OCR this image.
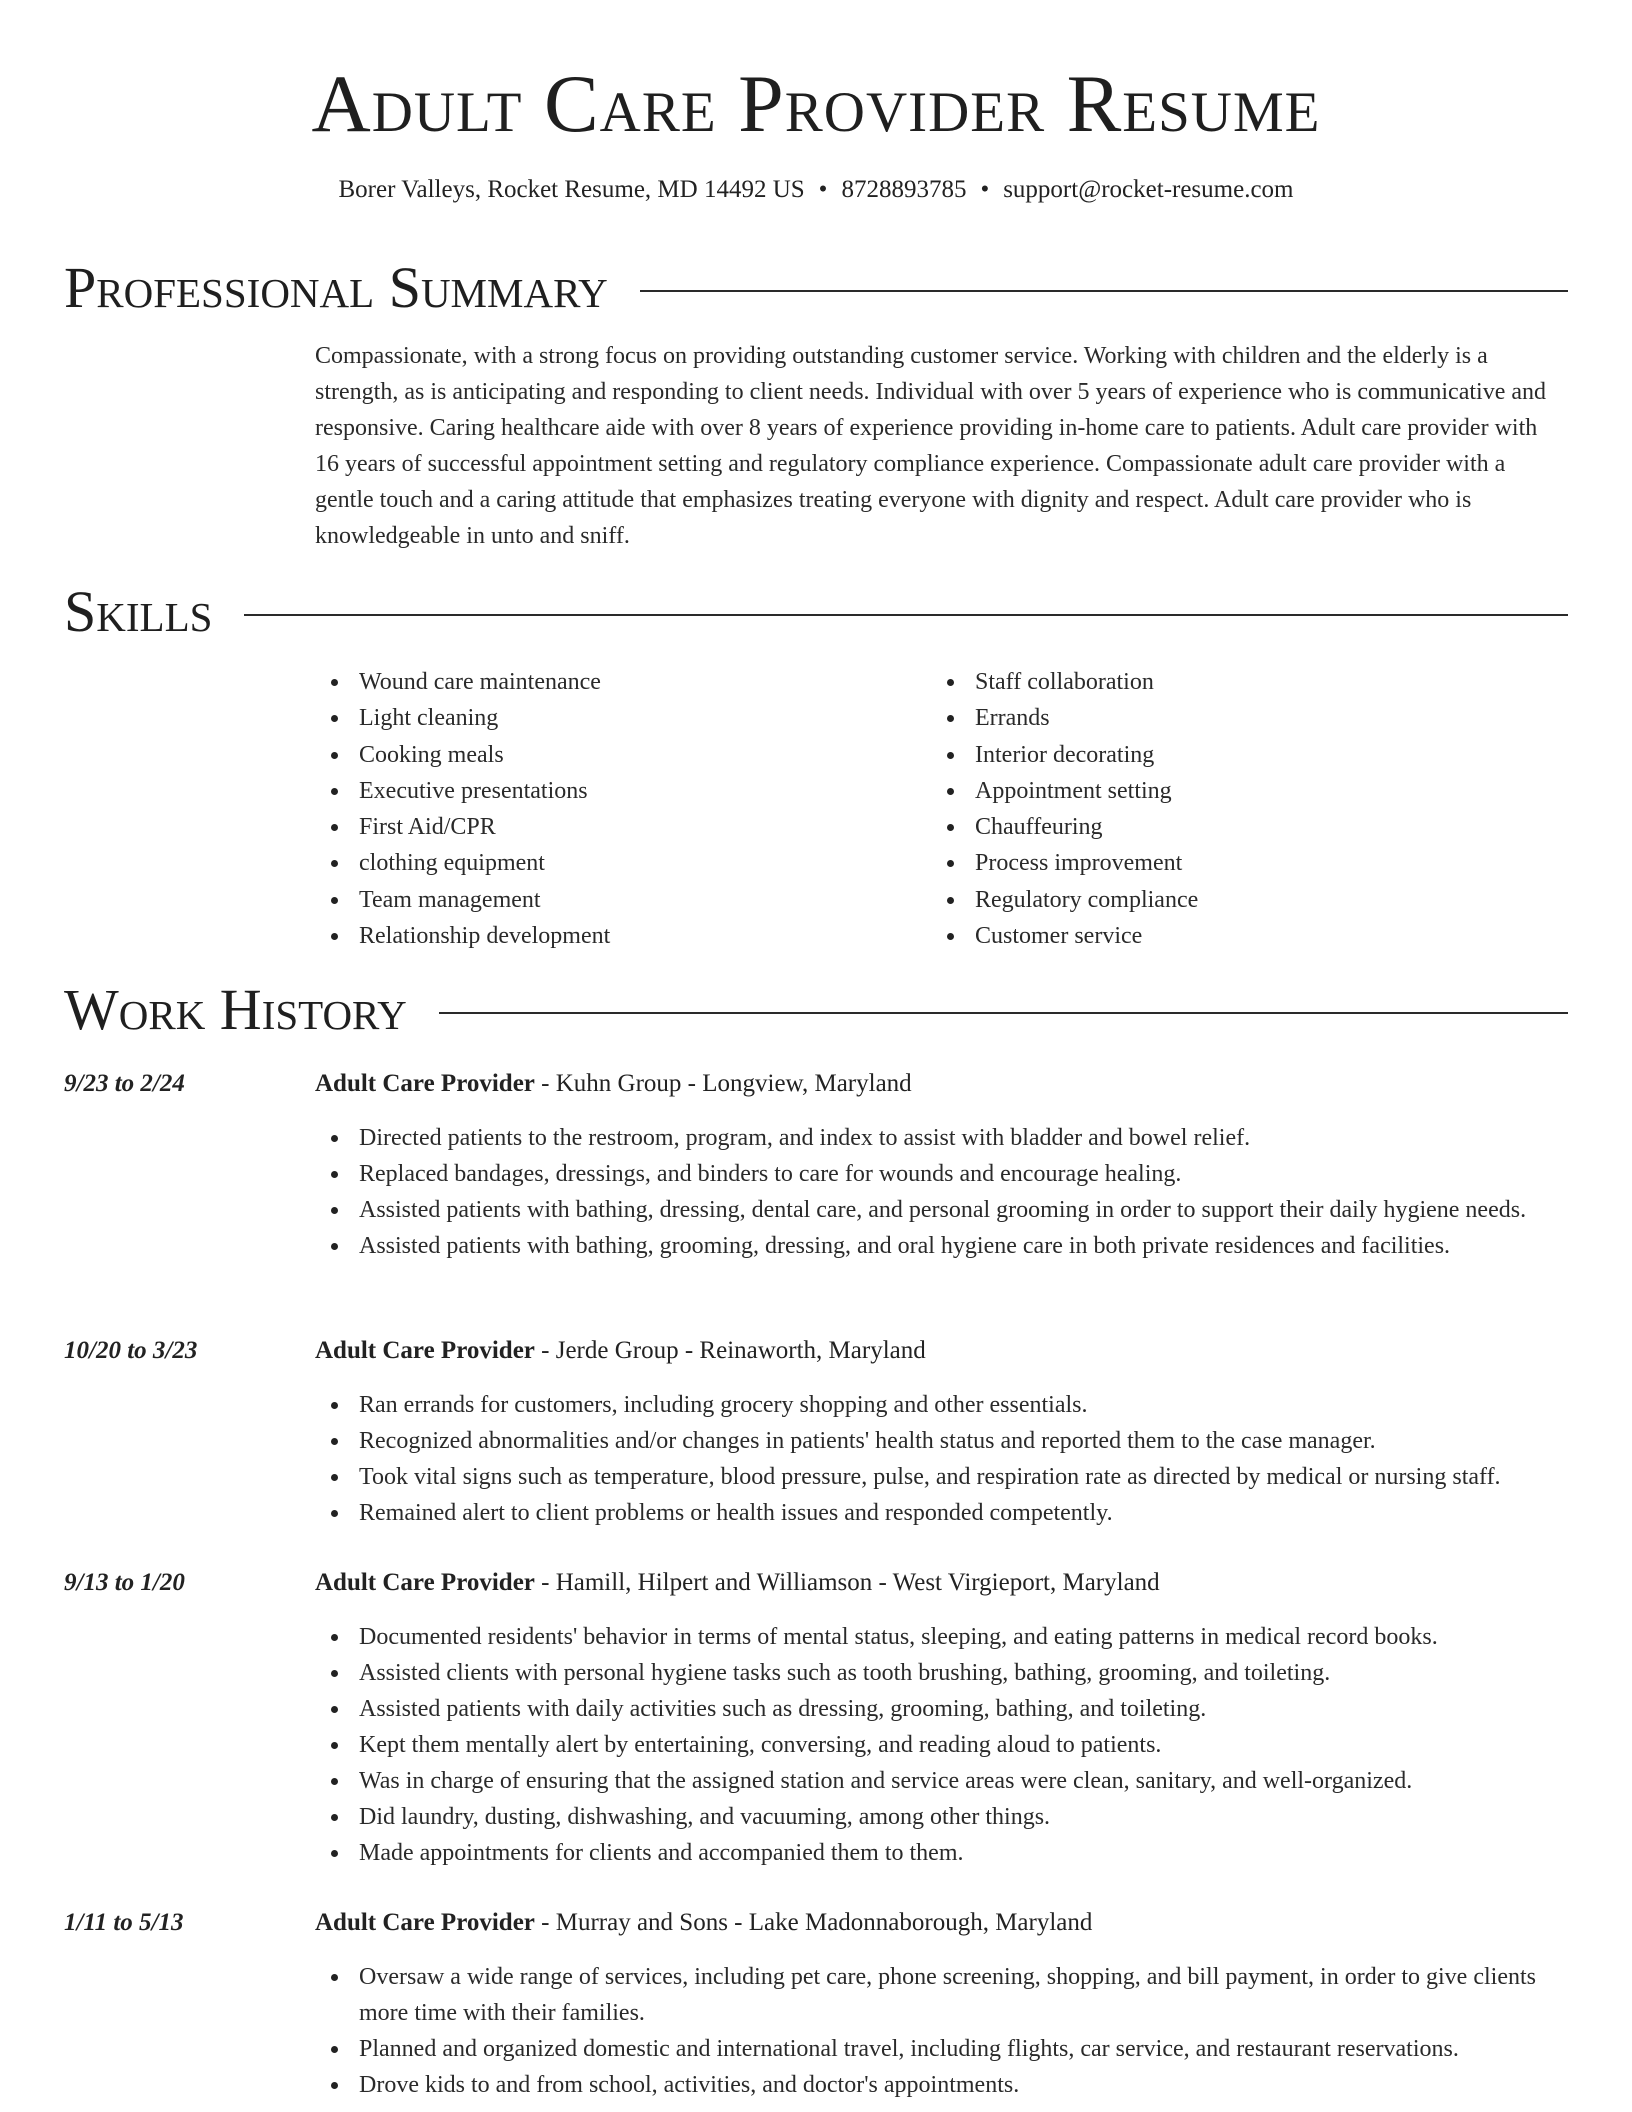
Adult Care Provider Resume
Borer Valleys, Rocket Resume, MD 14492 US • 8728893785 • support@rocket-resume.com
Professional Summary

Compassionate, with a strong focus on providing outstanding customer service. Working with children and the elderly is a strength, as is anticipating and responding to client needs. Individual with over 5 years of experience who is communicative and responsive. Caring healthcare aide with over 8 years of experience providing in-home care to patients. Adult care provider with 16 years of successful appointment setting and regulatory compliance experience. Compassionate adult care provider with a gentle touch and a caring attitude that emphasizes treating everyone with dignity and respect. Adult care provider who is knowledgeable in unto and sniff.

Skills
Wound care maintenance
Light cleaning
Cooking meals
Executive presentations
First Aid/CPR
clothing equipment
Team management
Relationship development
Staff collaboration
Errands
Interior decorating
Appointment setting
Chauffeuring
Process improvement
Regulatory compliance
Customer service
Work History
9/23 to 2/24	Adult Care Provider - Kuhn Group - Longview, Maryland
Directed patients to the restroom, program, and index to assist with bladder and bowel relief.
Replaced bandages, dressings, and binders to care for wounds and encourage healing.
Assisted patients with bathing, dressing, dental care, and personal grooming in order to support their daily hygiene needs.
Assisted patients with bathing, grooming, dressing, and oral hygiene care in both private residences and facilities.
10/20 to 3/23	Adult Care Provider - Jerde Group - Reinaworth, Maryland
Ran errands for customers, including grocery shopping and other essentials.
Recognized abnormalities and/or changes in patients' health status and reported them to the case manager.
Took vital signs such as temperature, blood pressure, pulse, and respiration rate as directed by medical or nursing staff.
Remained alert to client problems or health issues and responded competently.
9/13 to 1/20	Adult Care Provider - Hamill, Hilpert and Williamson - West Virgieport, Maryland
Documented residents' behavior in terms of mental status, sleeping, and eating patterns in medical record books.
Assisted clients with personal hygiene tasks such as tooth brushing, bathing, grooming, and toileting.
Assisted patients with daily activities such as dressing, grooming, bathing, and toileting.
Kept them mentally alert by entertaining, conversing, and reading aloud to patients.
Was in charge of ensuring that the assigned station and service areas were clean, sanitary, and well-organized.
Did laundry, dusting, dishwashing, and vacuuming, among other things.
Made appointments for clients and accompanied them to them.
1/11 to 5/13	Adult Care Provider - Murray and Sons - Lake Madonnaborough, Maryland
Oversaw a wide range of services, including pet care, phone screening, shopping, and bill payment, in order to give clients more time with their families.
Planned and organized domestic and international travel, including flights, car service, and restaurant reservations.
Drove kids to and from school, activities, and doctor's appointments.
